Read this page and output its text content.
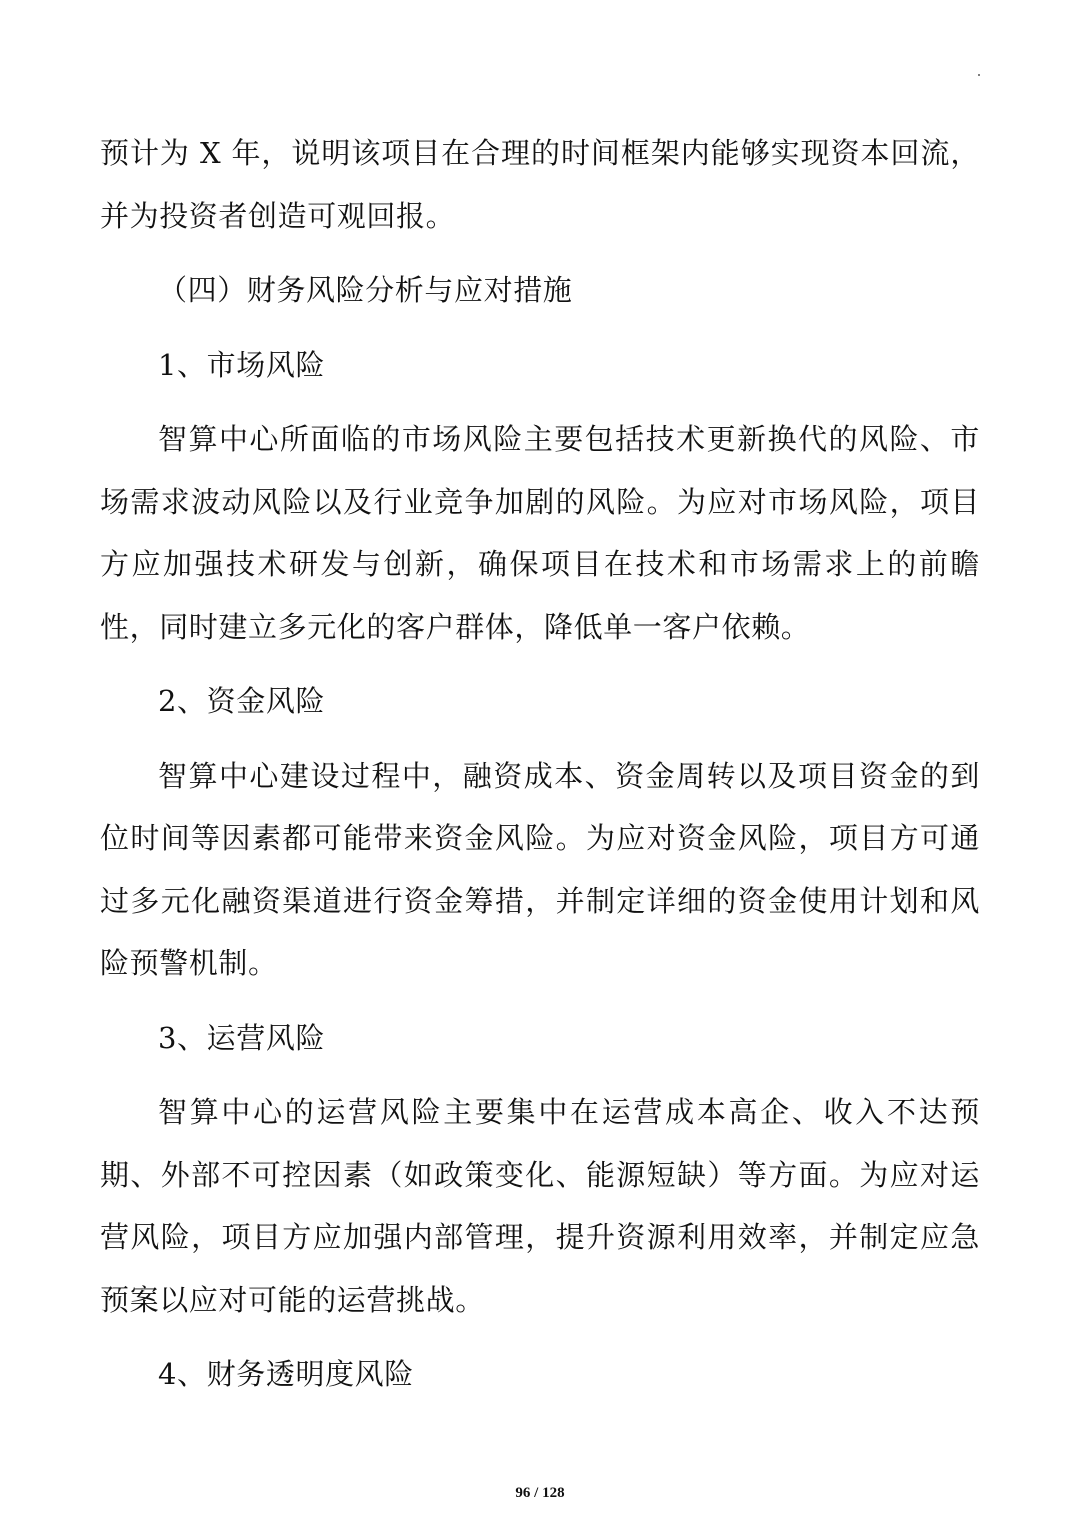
预计为 X 年，说明该项目在合理的时间框架内能够实现资本回流，并为投资者创造可观回报。

（四）财务风险分析与应对措施

1、市场风险

智算中心所面临的市场风险主要包括技术更新换代的风险、市场需求波动风险以及行业竞争加剧的风险。为应对市场风险，项目方应加强技术研发与创新，确保项目在技术和市场需求上的前瞻性，同时建立多元化的客户群体，降低单一客户依赖。

2、资金风险

智算中心建设过程中，融资成本、资金周转以及项目资金的到位时间等因素都可能带来资金风险。为应对资金风险，项目方可通过多元化融资渠道进行资金筹措，并制定详细的资金使用计划和风险预警机制。

3、运营风险

智算中心的运营风险主要集中在运营成本高企、收入不达预期、外部不可控因素（如政策变化、能源短缺）等方面。为应对运营风险，项目方应加强内部管理，提升资源利用效率，并制定应急预案以应对可能的运营挑战。

4、财务透明度风险

96 / 128
